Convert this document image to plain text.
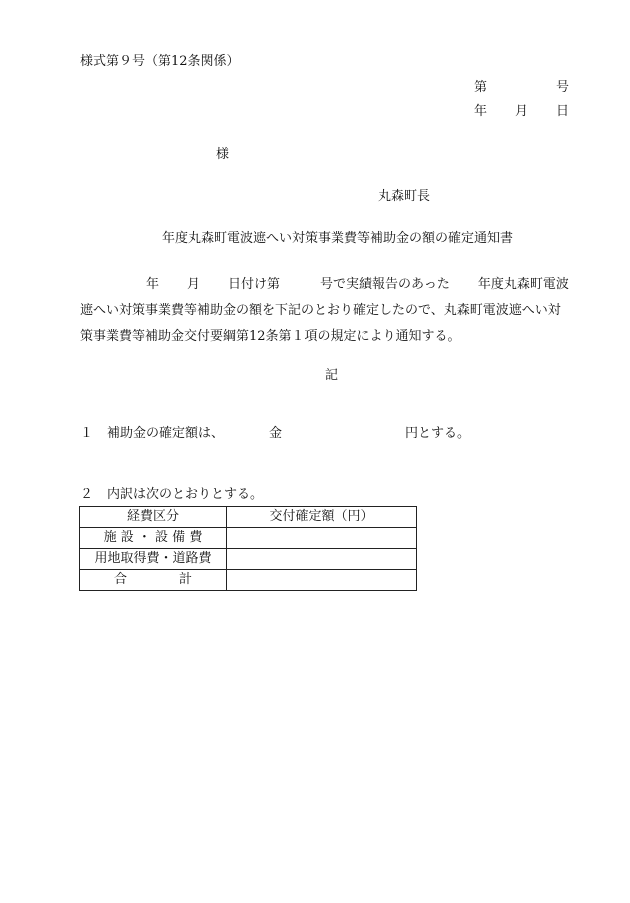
様式第９号（第12条関係）
第	号
年 月 日
様
丸森町長
年度丸森町電波遮へい対策事業費等補助金の額の確定通知書
年 月 日付け第	号で実績報告のあった 年度丸森町電波
遮へい対策事業費等補助金の額を下記のとおり確定したので、丸森町電波遮へい対
策事業費等補助金交付要綱第12条第１項の規定により通知する。
記
１ 補助金の確定額は、	金	円とする。
２ 内訳は次のとおりとする。
経費区分	交付確定額（円）
施 設 ・ 設 備 費	
用地取得費・道路費	
合　　　　計	
